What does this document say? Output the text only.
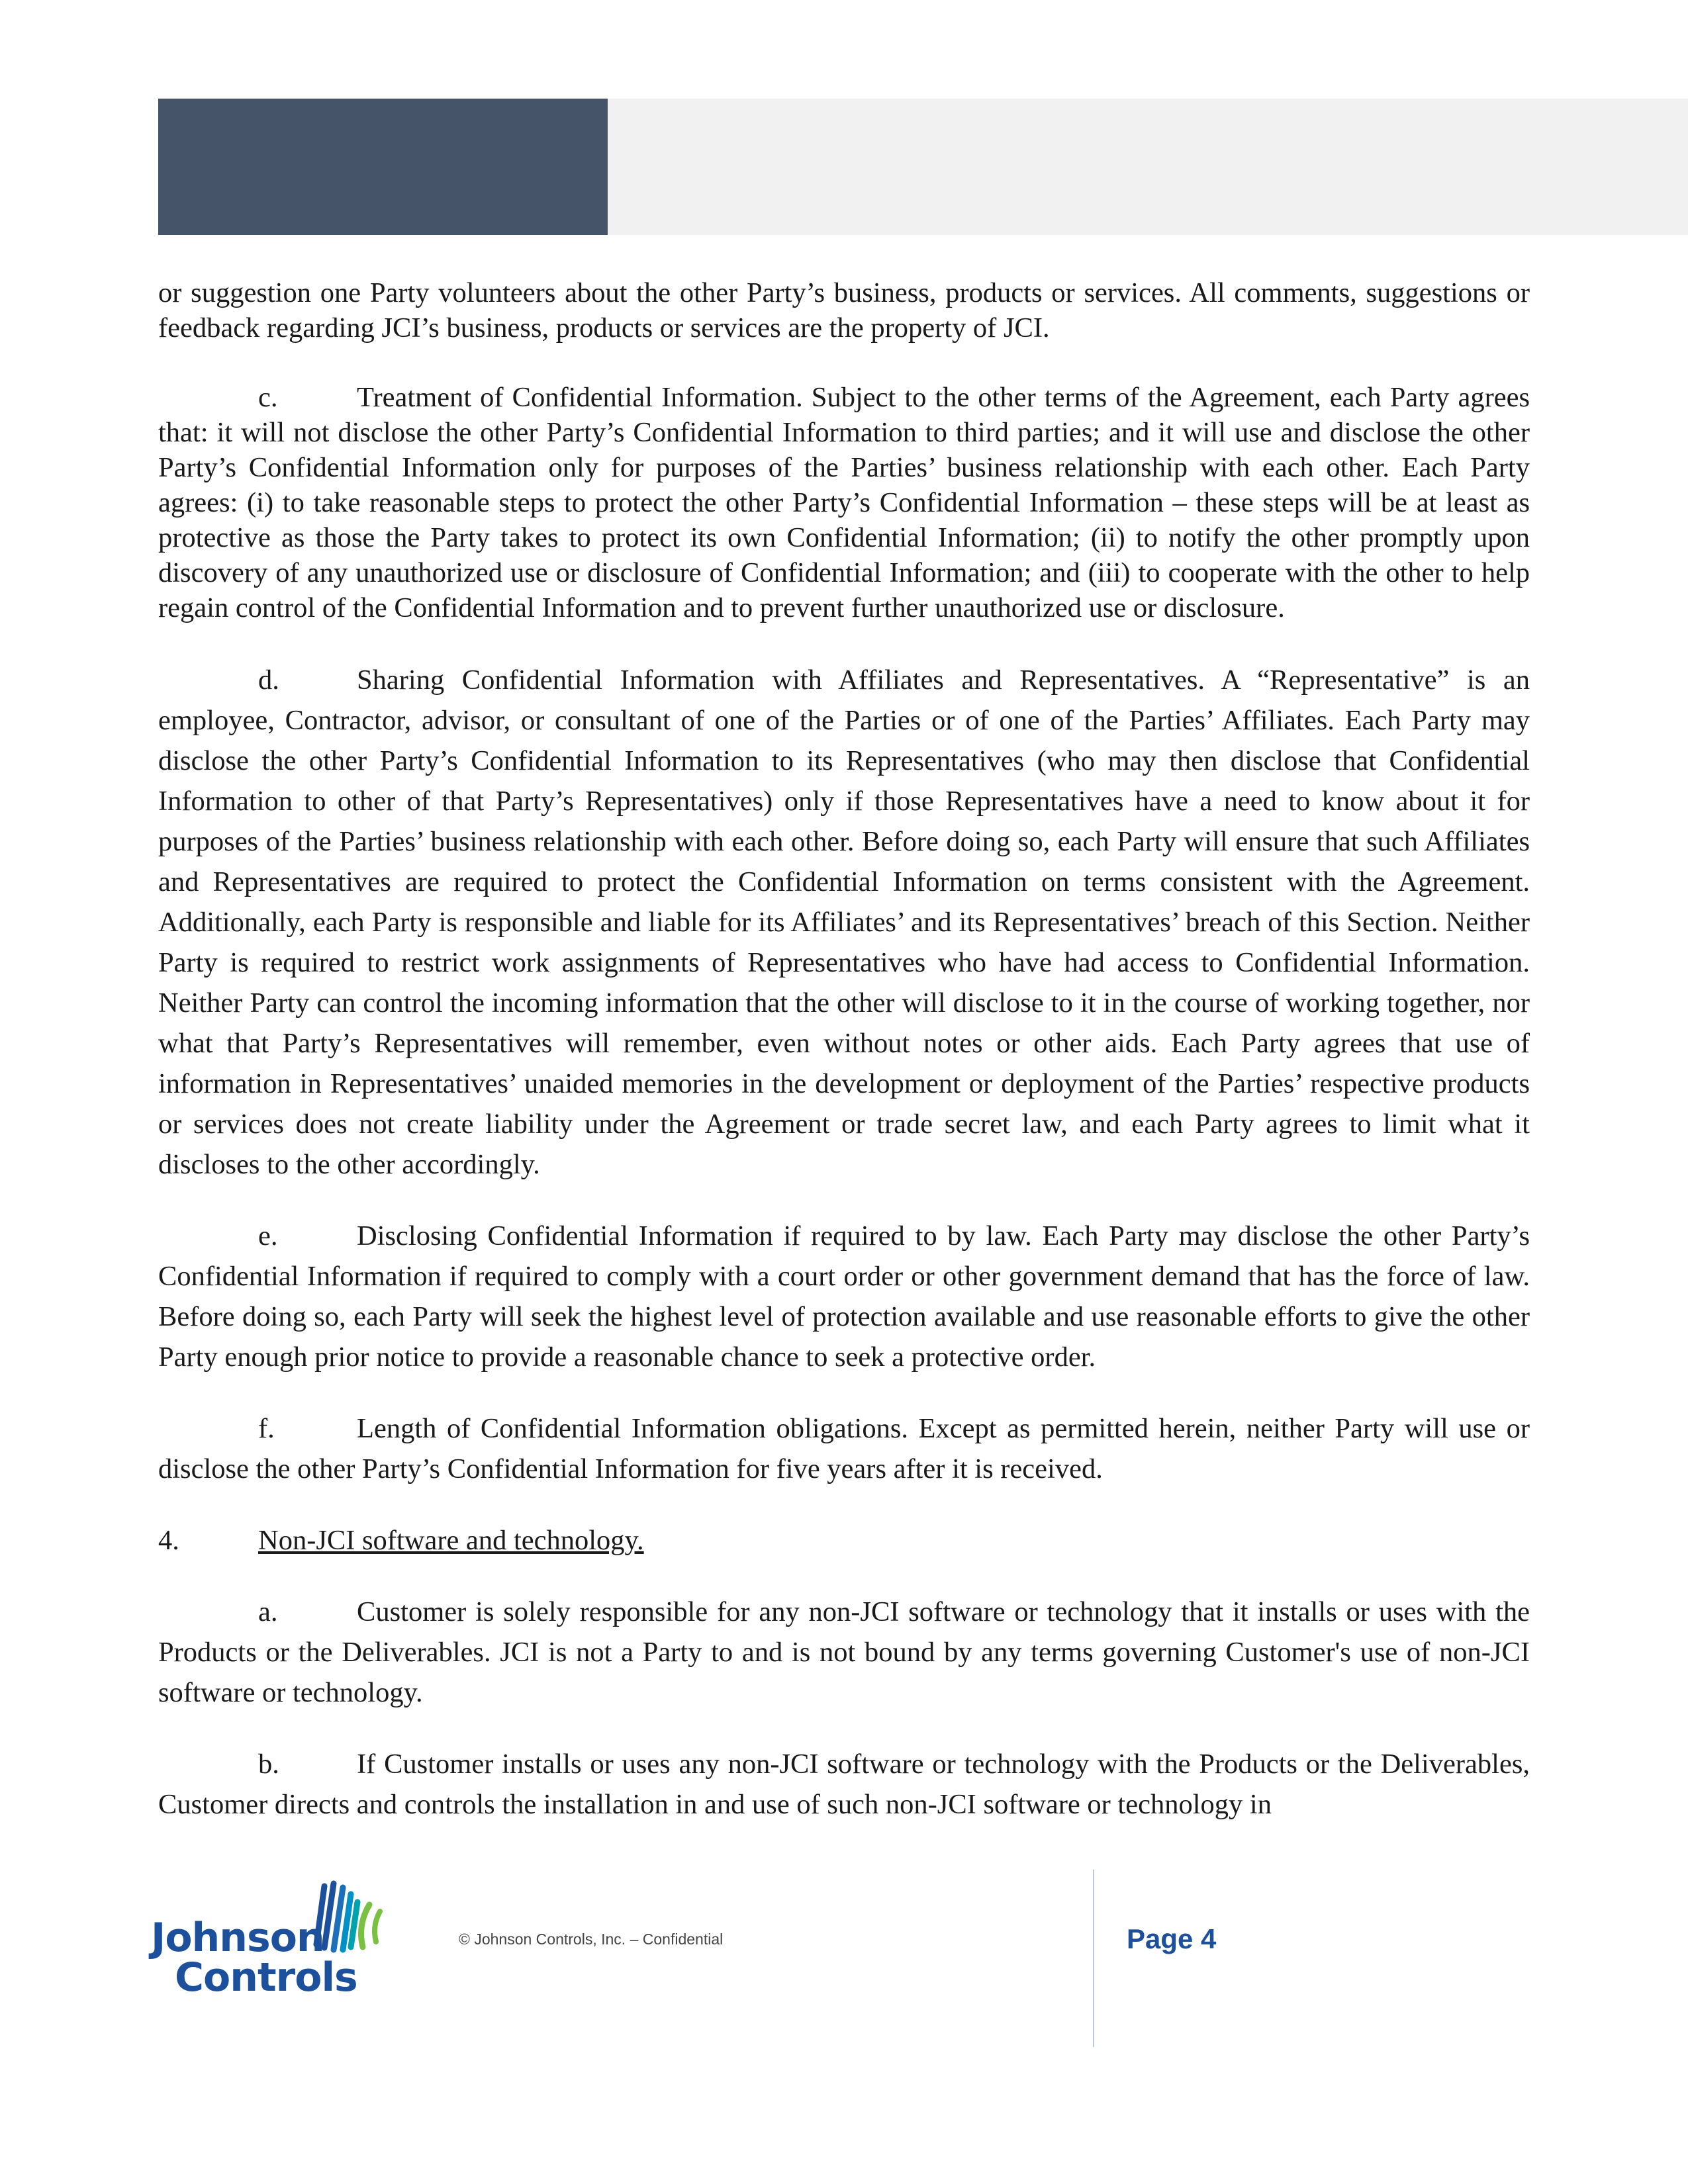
or suggestion one Party volunteers about the other Party’s business, products or services. All comments, suggestions or feedback regarding JCI’s business, products or services are the property of JCI.

c.	Treatment of Confidential Information. Subject to the other terms of the Agreement, each Party agrees that: it will not disclose the other Party’s Confidential Information to third parties; and it will use and disclose the other Party’s Confidential Information only for purposes of the Parties’ business relationship with each other. Each Party agrees: (i) to take reasonable steps to protect the other Party’s Confidential Information – these steps will be at least as protective as those the Party takes to protect its own Confidential Information; (ii) to notify the other promptly upon discovery of any unauthorized use or disclosure of Confidential Information; and (iii) to cooperate with the other to help regain control of the Confidential Information and to prevent further unauthorized use or disclosure.

d.	Sharing Confidential Information with Affiliates and Representatives. A “Representative” is an employee, Contractor, advisor, or consultant of one of the Parties or of one of the Parties’ Affiliates. Each Party may disclose the other Party’s Confidential Information to its Representatives (who may then disclose that Confidential Information to other of that Party’s Representatives) only if those Representatives have a need to know about it for purposes of the Parties’ business relationship with each other. Before doing so, each Party will ensure that such Affiliates and Representatives are required to protect the Confidential Information on terms consistent with the Agreement. Additionally, each Party is responsible and liable for its Affiliates’ and its Representatives’ breach of this Section. Neither Party is required to restrict work assignments of Representatives who have had access to Confidential Information. Neither Party can control the incoming information that the other will disclose to it in the course of working together, nor what that Party’s Representatives will remember, even without notes or other aids. Each Party agrees that use of information in Representatives’ unaided memories in the development or deployment of the Parties’ respective products or services does not create liability under the Agreement or trade secret law, and each Party agrees to limit what it discloses to the other accordingly.

e.	Disclosing Confidential Information if required to by law. Each Party may disclose the other Party’s Confidential Information if required to comply with a court order or other government demand that has the force of law. Before doing so, each Party will seek the highest level of protection available and use reasonable efforts to give the other Party enough prior notice to provide a reasonable chance to seek a protective order.

f.	Length of Confidential Information obligations. Except as permitted herein, neither Party will use or disclose the other Party’s Confidential Information for five years after it is received.

4.	Non-JCI software and technology.

a.	Customer is solely responsible for any non-JCI software or technology that it installs or uses with the Products or the Deliverables. JCI is not a Party to and is not bound by any terms governing Customer's use of non-JCI software or technology.

b.	If Customer installs or uses any non-JCI software or technology with the Products or the Deliverables, Customer directs and controls the installation in and use of such non-JCI software or technology in

Johnson
Controls
© Johnson Controls, Inc. – Confidential	Page 4
